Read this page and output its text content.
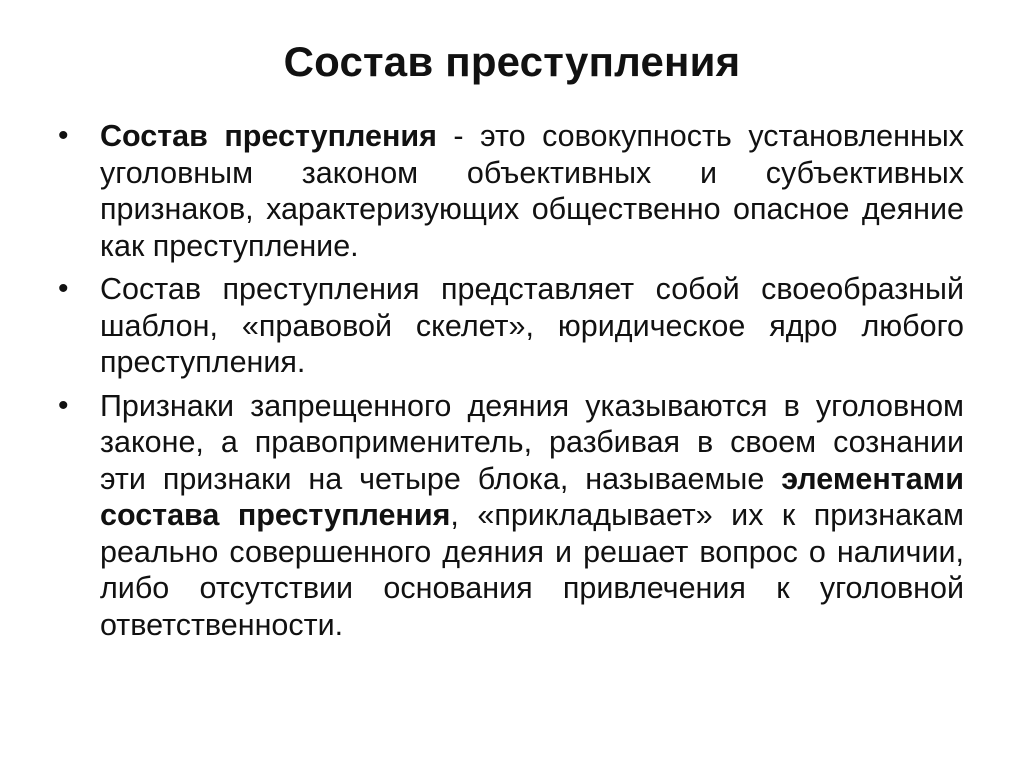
Состав преступления
• Состав преступления - это совокупность установленных уголовным законом объективных и субъективных признаков, характеризующих общественно опасное деяние как преступление.
• Состав преступления представляет собой своеобразный шаблон, «правовой скелет», юридическое ядро любого преступления.
• Признаки запрещенного деяния указываются в уголовном законе, а правоприменитель, разбивая в своем сознании эти признаки на четыре блока, называемые элементами состава преступления, «прикладывает» их к признакам реально совершенного деяния и решает вопрос о наличии, либо отсутствии основания привлечения к уголовной ответственности.
